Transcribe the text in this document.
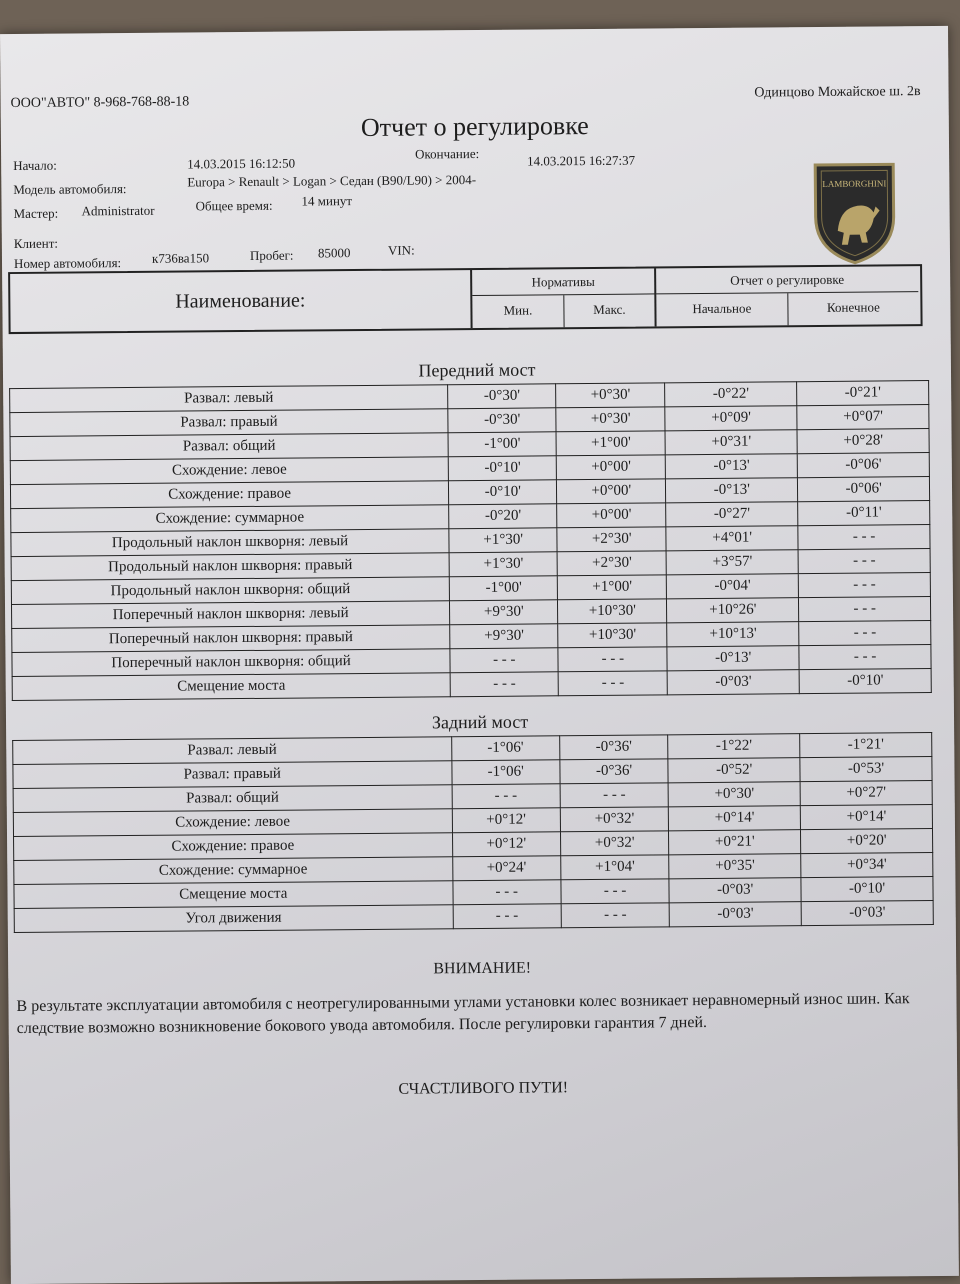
ООО"АВТО" 8-968-768-88-18
Одинцово Можайское ш. 2в
Отчет о регулировке
Начало:	14.03.2015 16:12:50
Окончание:	14.03.2015 16:27:37
Модель автомобиля:	Europa > Renault > Logan > Седан (B90/L90) > 2004-
Мастер: Administrator	Общее время: 14 минут
Клиент:
Номер автомобиля: к736ва150	Пробег: 85000	VIN:
LAMBORGHINI
Наименование:
Нормативы	Отчет о регулировке
Мин.	Макс.	Начальное	Конечное
Передний мост
Развал: левый	-0°30'	+0°30'	-0°22'	-0°21'
Развал: правый	-0°30'	+0°30'	+0°09'	+0°07'
Развал: общий	-1°00'	+1°00'	+0°31'	+0°28'
Схождение: левое	-0°10'	+0°00'	-0°13'	-0°06'
Схождение: правое	-0°10'	+0°00'	-0°13'	-0°06'
Схождение: суммарное	-0°20'	+0°00'	-0°27'	-0°11'
Продольный наклон шкворня: левый	+1°30'	+2°30'	+4°01'	- - -
Продольный наклон шкворня: правый	+1°30'	+2°30'	+3°57'	- - -
Продольный наклон шкворня: общий	-1°00'	+1°00'	-0°04'	- - -
Поперечный наклон шкворня: левый	+9°30'	+10°30'	+10°26'	- - -
Поперечный наклон шкворня: правый	+9°30'	+10°30'	+10°13'	- - -
Поперечный наклон шкворня: общий	- - -	- - -	-0°13'	- - -
Смещение моста	- - -	- - -	-0°03'	-0°10'
Задний мост
Развал: левый	-1°06'	-0°36'	-1°22'	-1°21'
Развал: правый	-1°06'	-0°36'	-0°52'	-0°53'
Развал: общий	- - -	- - -	+0°30'	+0°27'
Схождение: левое	+0°12'	+0°32'	+0°14'	+0°14'
Схождение: правое	+0°12'	+0°32'	+0°21'	+0°20'
Схождение: суммарное	+0°24'	+1°04'	+0°35'	+0°34'
Смещение моста	- - -	- - -	-0°03'	-0°10'
Угол движения	- - -	- - -	-0°03'	-0°03'
ВНИМАНИЕ!
В результате эксплуатации автомобиля с неотрегулированными углами установки колес возникает неравномерный износ шин. Как следствие возможно возникновение бокового увода автомобиля. После регулировки гарантия 7 дней.
СЧАСТЛИВОГО ПУТИ!
